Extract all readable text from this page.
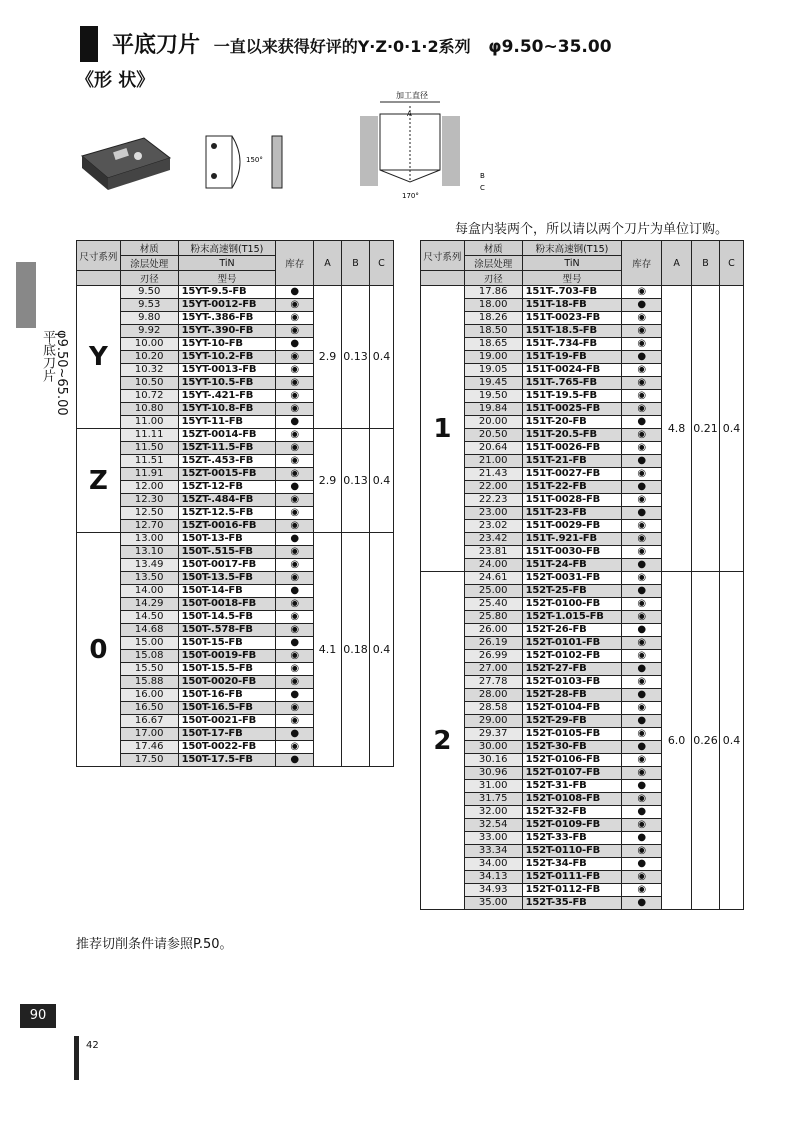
平底刀片 一直以来获得好评的Y·Z·0·1·2系列 φ9.50~35.00
《形 状》
150°
加工直径
A
B
C
170°
每盒内装两个，所以请以两个刀片为单位订购。
φ9.50~65.00
平底刀片
尺寸系列	材质	粉末高速钢(T15)	库存	A	B	C
	涂层处理	TiN				
	刃径	型号				
Y	9.50	15YT-9.5-FB	●	2.9	0.13	0.4
	9.53	15YT-0012-FB	◉			
	9.80	15YT-.386-FB	◉			
	9.92	15YT-.390-FB	◉			
	10.00	15YT-10-FB	●			
	10.20	15YT-10.2-FB	◉			
	10.32	15YT-0013-FB	◉			
	10.50	15YT-10.5-FB	◉			
	10.72	15YT-.421-FB	◉			
	10.80	15YT-10.8-FB	◉			
	11.00	15YT-11-FB	●			
Z	11.11	15ZT-0014-FB	◉	2.9	0.13	0.4
	11.50	15ZT-11.5-FB	◉			
	11.51	15ZT-.453-FB	◉			
	11.91	15ZT-0015-FB	◉			
	12.00	15ZT-12-FB	●			
	12.30	15ZT-.484-FB	◉			
	12.50	15ZT-12.5-FB	◉			
	12.70	15ZT-0016-FB	◉			
0	13.00	150T-13-FB	●	4.1	0.18	0.4
	13.10	150T-.515-FB	◉			
	13.49	150T-0017-FB	◉			
	13.50	150T-13.5-FB	◉			
	14.00	150T-14-FB	●			
	14.29	150T-0018-FB	◉			
	14.50	150T-14.5-FB	◉			
	14.68	150T-.578-FB	◉			
	15.00	150T-15-FB	●			
	15.08	150T-0019-FB	◉			
	15.50	150T-15.5-FB	◉			
	15.88	150T-0020-FB	◉			
	16.00	150T-16-FB	●			
	16.50	150T-16.5-FB	◉			
	16.67	150T-0021-FB	◉			
	17.00	150T-17-FB	●			
	17.46	150T-0022-FB	◉			
	17.50	150T-17.5-FB	●			
尺寸系列	材质	粉末高速钢(T15)	库存	A	B	C
	涂层处理	TiN				
	刃径	型号				
1	17.86	151T-.703-FB	◉	4.8	0.21	0.4
	18.00	151T-18-FB	●			
	18.26	151T-0023-FB	◉			
	18.50	151T-18.5-FB	◉			
	18.65	151T-.734-FB	◉			
	19.00	151T-19-FB	●			
	19.05	151T-0024-FB	◉			
	19.45	151T-.765-FB	◉			
	19.50	151T-19.5-FB	◉			
	19.84	151T-0025-FB	◉			
	20.00	151T-20-FB	●			
	20.50	151T-20.5-FB	◉			
	20.64	151T-0026-FB	◉			
	21.00	151T-21-FB	●			
	21.43	151T-0027-FB	◉			
	22.00	151T-22-FB	●			
	22.23	151T-0028-FB	◉			
	23.00	151T-23-FB	●			
	23.02	151T-0029-FB	◉			
	23.42	151T-.921-FB	◉			
	23.81	151T-0030-FB	◉			
	24.00	151T-24-FB	●			
2	24.61	152T-0031-FB	◉	6.0	0.26	0.4
	25.00	152T-25-FB	●			
	25.40	152T-0100-FB	◉			
	25.80	152T-1.015-FB	◉			
	26.00	152T-26-FB	●			
	26.19	152T-0101-FB	◉			
	26.99	152T-0102-FB	◉			
	27.00	152T-27-FB	●			
	27.78	152T-0103-FB	◉			
	28.00	152T-28-FB	●			
	28.58	152T-0104-FB	◉			
	29.00	152T-29-FB	●			
	29.37	152T-0105-FB	◉			
	30.00	152T-30-FB	●			
	30.16	152T-0106-FB	◉			
	30.96	152T-0107-FB	◉			
	31.00	152T-31-FB	●			
	31.75	152T-0108-FB	◉			
	32.00	152T-32-FB	●			
	32.54	152T-0109-FB	◉			
	33.00	152T-33-FB	●			
	33.34	152T-0110-FB	◉			
	34.00	152T-34-FB	●			
	34.13	152T-0111-FB	◉			
	34.93	152T-0112-FB	◉			
	35.00	152T-35-FB	●			
推荐切削条件请参照P.50。
90
42
